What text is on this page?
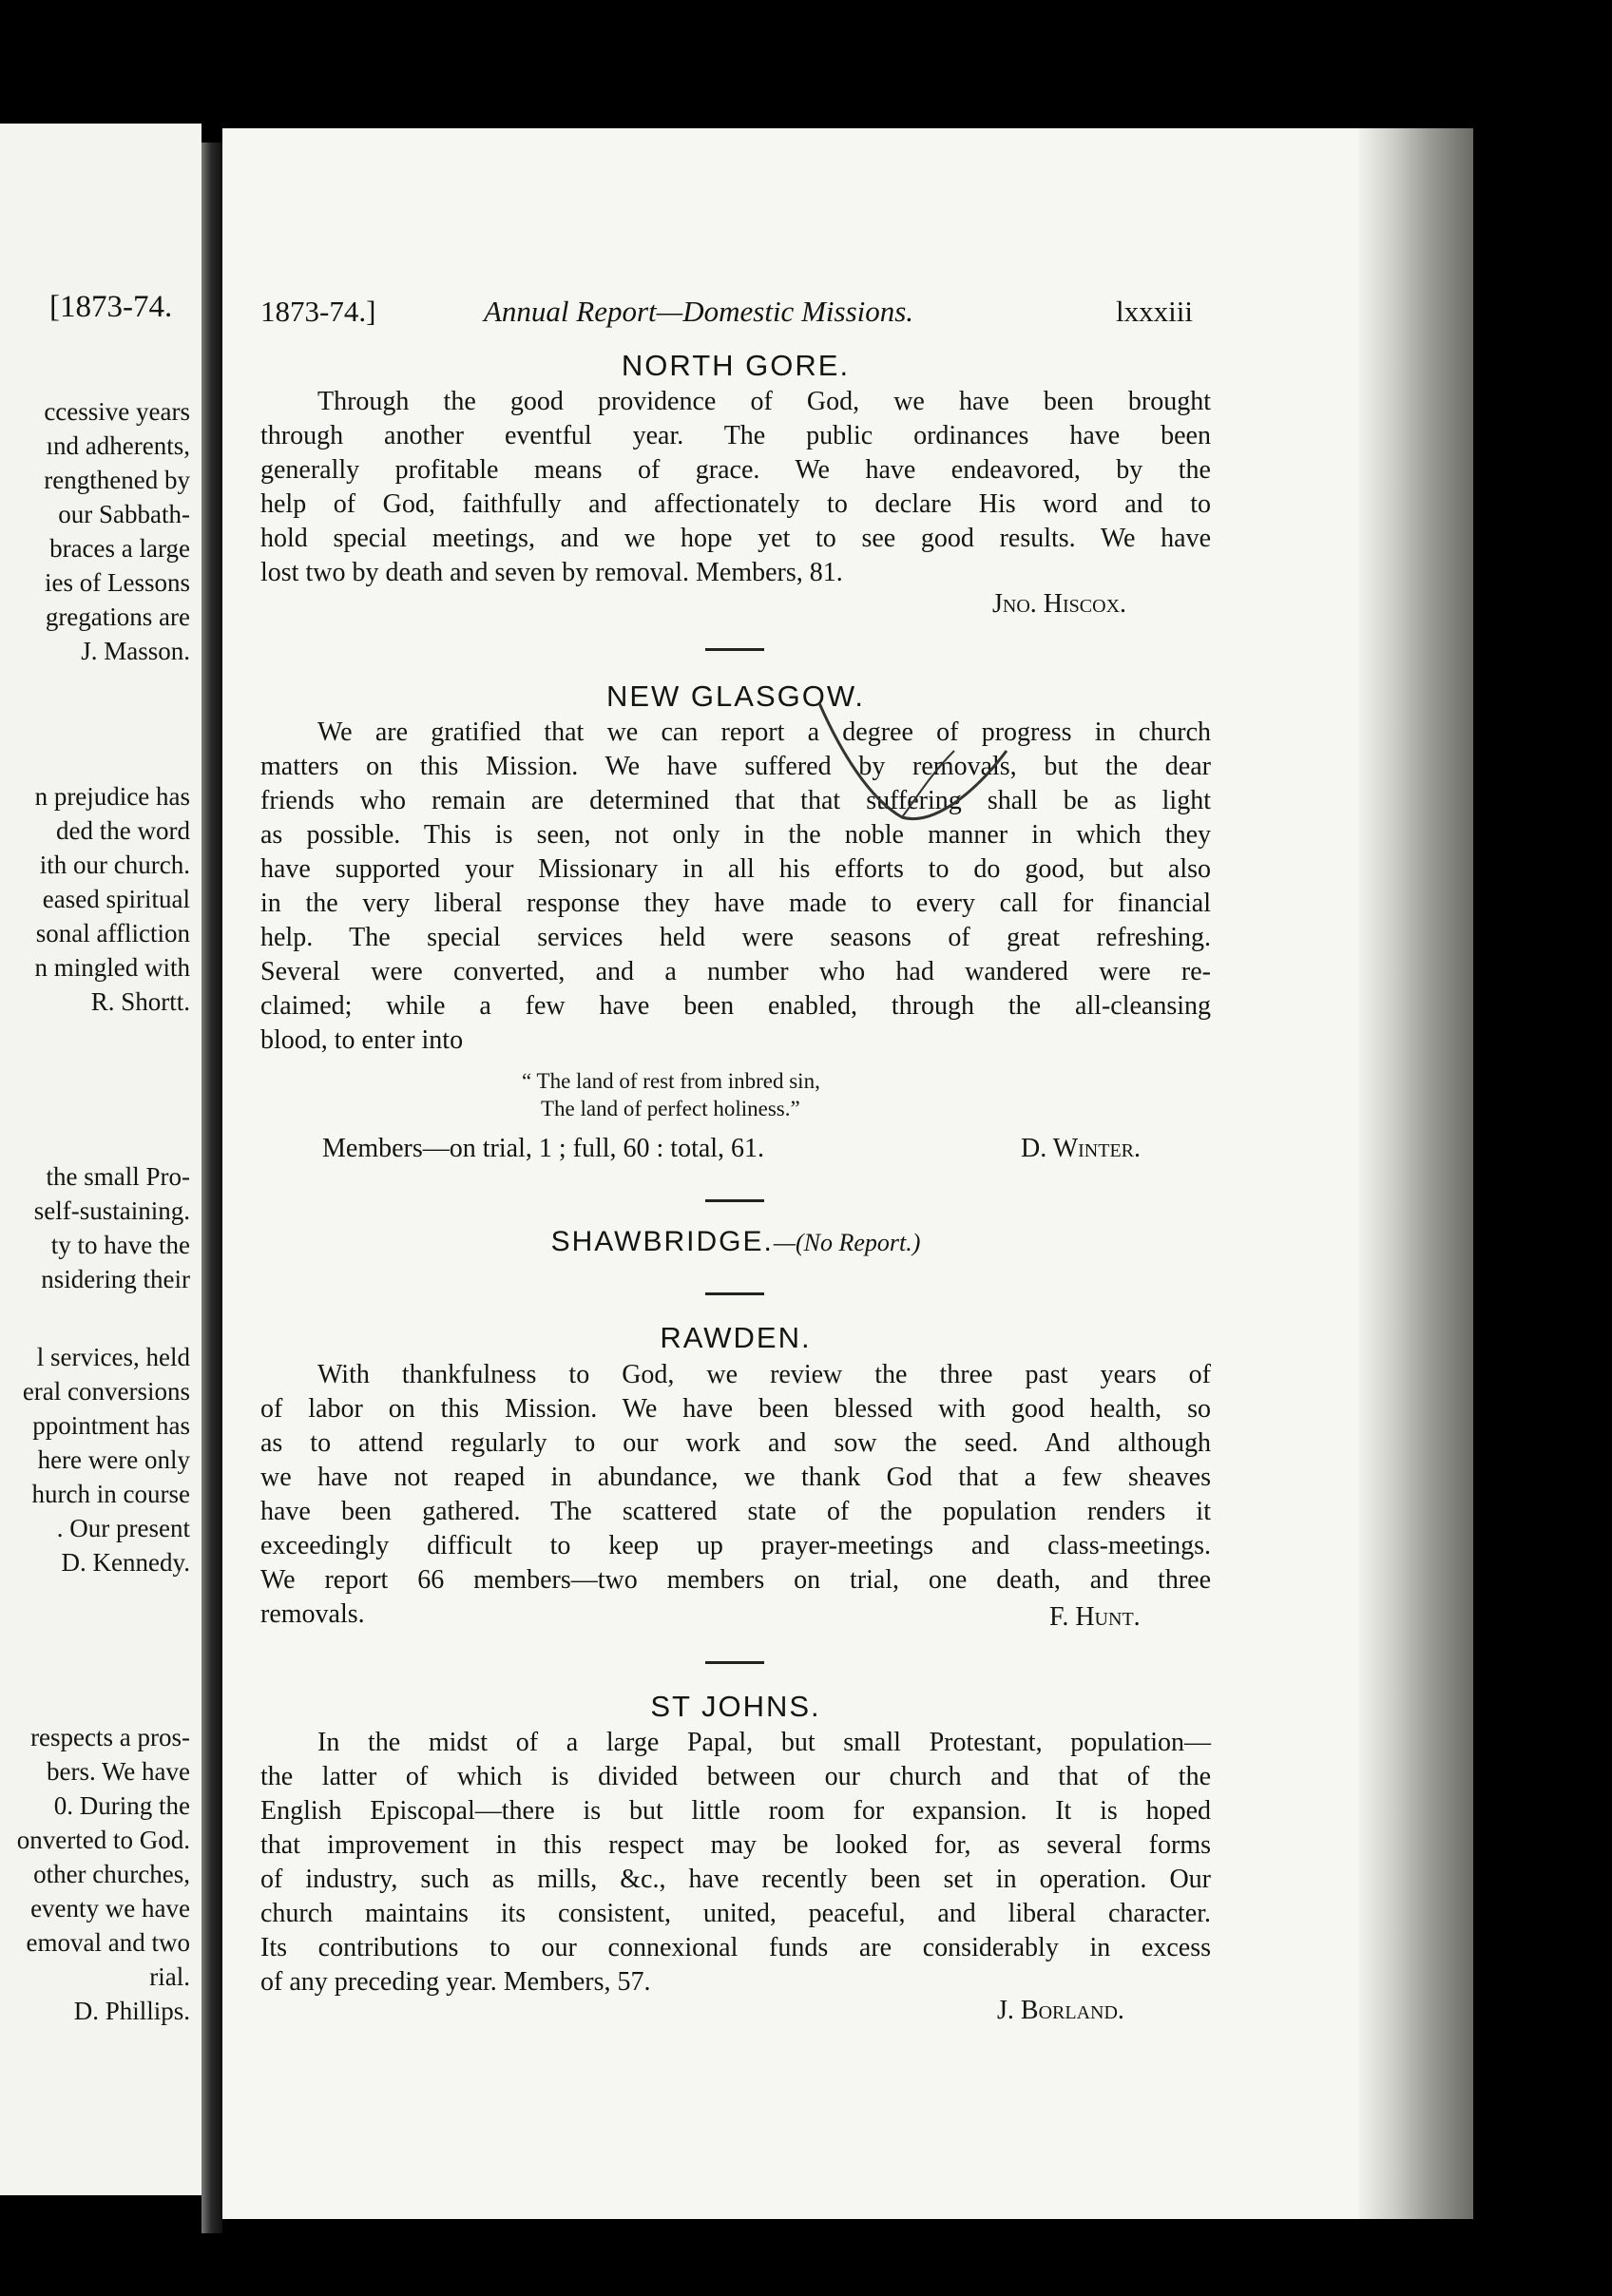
[1873-74.
ccessive years
ınd adherents,
rengthened by
our Sabbath-
braces a large
ies of Lessons
gregations are
J. Masson.
n prejudice has
ded the word
ith our church.
eased spiritual
sonal affliction
n mingled with
R. Shortt.
the small Pro-
self-sustaining.
ty to have the
nsidering their
l services, held
eral conversions
ppointment has
here were only
hurch in course
. Our present
D. Kennedy.
respects a pros-
bers. We have
0. During the
onverted to God.
other churches,
eventy we have
emoval and two
rial.
D. Phillips.
1873-74.]	Annual Report—Domestic Missions.	lxxxiii
NORTH GORE.
Through the good providence of God, we have been brought
through another eventful year. The public ordinances have been
generally profitable means of grace. We have endeavored, by the
help of God, faithfully and affectionately to declare His word and to
hold special meetings, and we hope yet to see good results. We have
lost two by death and seven by removal. Members, 81.
Jno. Hiscox.
NEW GLASGOW.
We are gratified that we can report a degree of progress in church
matters on this Mission. We have suffered by removals, but the dear
friends who remain are determined that that suffering shall be as light
as possible. This is seen, not only in the noble manner in which they
have supported your Missionary in all his efforts to do good, but also
in the very liberal response they have made to every call for financial
help. The special services held were seasons of great refreshing.
Several were converted, and a number who had wandered were re-
claimed; while a few have been enabled, through the all-cleansing
blood, to enter into
“ The land of rest from inbred sin,
The land of perfect holiness.”
Members—on trial, 1 ; full, 60 : total, 61.	D. Winter.
SHAWBRIDGE.—(No Report.)
RAWDEN.
With thankfulness to God, we review the three past years of
of labor on this Mission. We have been blessed with good health, so
as to attend regularly to our work and sow the seed. And although
we have not reaped in abundance, we thank God that a few sheaves
have been gathered. The scattered state of the population renders it
exceedingly difficult to keep up prayer-meetings and class-meetings.
We report 66 members—two members on trial, one death, and three
removals.	F. Hunt.
ST JOHNS.
In the midst of a large Papal, but small Protestant, population—
the latter of which is divided between our church and that of the
English Episcopal—there is but little room for expansion. It is hoped
that improvement in this respect may be looked for, as several forms
of industry, such as mills, &c., have recently been set in operation. Our
church maintains its consistent, united, peaceful, and liberal character.
Its contributions to our connexional funds are considerably in excess
of any preceding year. Members, 57.
J. Borland.
